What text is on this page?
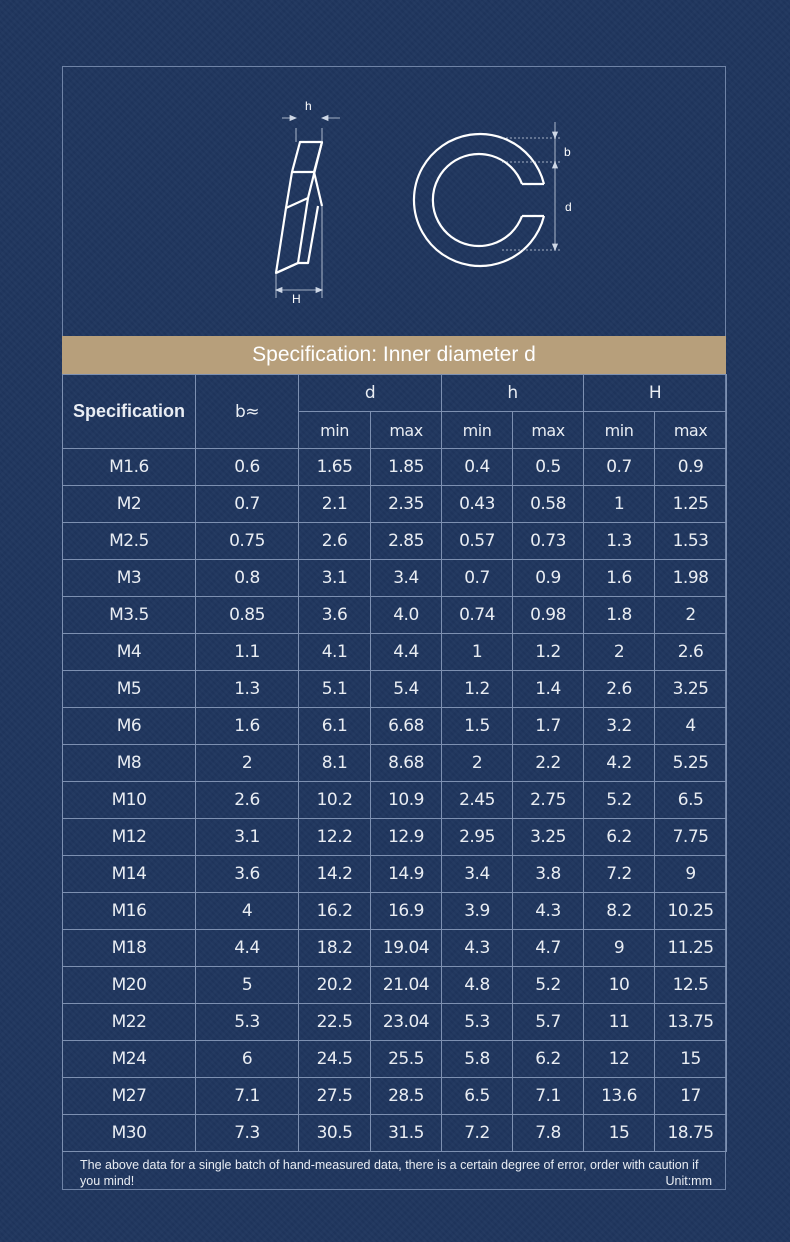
h
H
b
d
Specification: Inner diameter d
Specification	b≈	d		h		H	
		min	max	min	max	min	max
M1.6	0.6	1.65	1.85	0.4	0.5	0.7	0.9
M2	0.7	2.1	2.35	0.43	0.58	1	1.25
M2.5	0.75	2.6	2.85	0.57	0.73	1.3	1.53
M3	0.8	3.1	3.4	0.7	0.9	1.6	1.98
M3.5	0.85	3.6	4.0	0.74	0.98	1.8	2
M4	1.1	4.1	4.4	1	1.2	2	2.6
M5	1.3	5.1	5.4	1.2	1.4	2.6	3.25
M6	1.6	6.1	6.68	1.5	1.7	3.2	4
M8	2	8.1	8.68	2	2.2	4.2	5.25
M10	2.6	10.2	10.9	2.45	2.75	5.2	6.5
M12	3.1	12.2	12.9	2.95	3.25	6.2	7.75
M14	3.6	14.2	14.9	3.4	3.8	7.2	9
M16	4	16.2	16.9	3.9	4.3	8.2	10.25
M18	4.4	18.2	19.04	4.3	4.7	9	11.25
M20	5	20.2	21.04	4.8	5.2	10	12.5
M22	5.3	22.5	23.04	5.3	5.7	11	13.75
M24	6	24.5	25.5	5.8	6.2	12	15
M27	7.1	27.5	28.5	6.5	7.1	13.6	17
M30	7.3	30.5	31.5	7.2	7.8	15	18.75
The above data for a single batch of hand-measured data, there is a certain degree of error, order with caution if you mind!	Unit:mm
